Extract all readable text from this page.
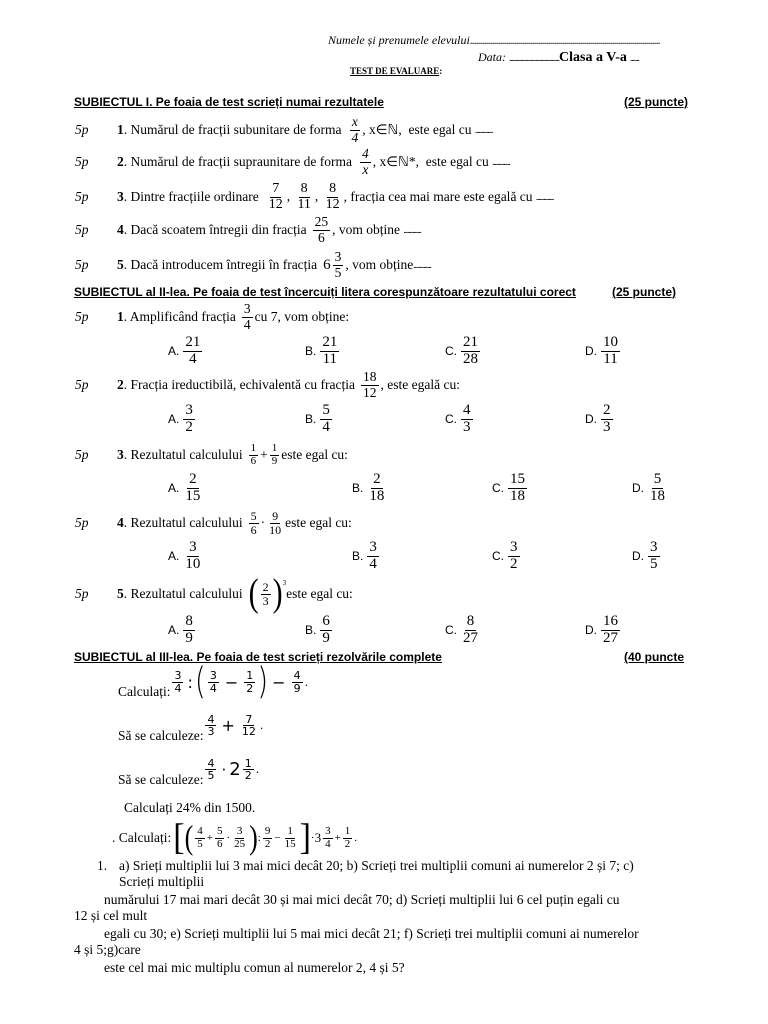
Numele și prenumele elevului...............................................................................................
Data: ........................................Clasa a V-a .......
TEST DE EVALUARE:
SUBIECTUL I. Pe foaia de test scrieți numai rezultatele	(25 puncte)
5p	1 . Numărul de fracții subunitare de forma
x
4 , x∈ℕ,
este egal cu
..............
5p	2 . Numărul de fracții supraunitare de forma
4
x , x∈ℕ*,
este egal cu
..............
5p	3 . Dintre fracțiile ordinare $\frac{7}{12}$ , $\frac{8}{11}$ , $\frac{8}{12}$ , fracția cea mai mare este egală cu
..............
5p	4 . Dacă scoatem întregii din fracția
25
6 , vom obține
..............
5p	5 . Dacă introducem întregii în fracția 6 3
5 , vom obține ..............
SUBIECTUL al II-lea. Pe foaia de test încercuiți litera corespunzătoare rezultatului corect	(25 puncte)
5p	1 . Amplificând fracția
3
4 cu 7, vom obține:
A.
21
4	B.
21
11	C.
21
28	D.
10
11
5p	2 . Fracția ireductibilă, echivalentă cu fracția
18
12 , este egală cu:
A.
3
2	B.
5
4	C.
4
3	D.
2
3
5p	3 . Rezultatul calculului 1
$6 + \frac{1}{9}$ este egal cu:
A.
2
15	B.
2
18	C.
15
18	D.
5
18
5p	4 . Rezultatul calculului 5
6 · 9
10 este egal cu:
A.
3
10	B.
3
4	C.
3
2	D.
3
5
5p	5 . Rezultatul calculului ( 2
3 )$^3$
este egal cu:
A.
8
9	B.
6
9	C.
8
27	D.
16
27
SUBIECTUL al III-lea. Pe foaia de test scrieți rezolvările complete	(40 puncte
Calculați:
3
4 : ( 3
$4 - \frac{1}{2}$ ) − $\frac{4}{9}$ .
Să se calculeze:
4
$3 + \frac{7}{12}$ .
Să se calculeze:
4
5 · 2 1
2 .
Calculați 24% din 1500.
. Calculați: [ ( 4
$5 + \frac{5}{6}$ ·
3
25 ) :
9
$2 - \frac{1}{15}$ ] · 3 3
$4 + \frac{1}{2}$ .
1. a) Srieți multiplii lui 3 mai mici decât 20; b) Scrieți trei multiplii comuni ai numerelor 2 și 7; c)
Scrieți multiplii
numărului 17 mai mari decât 30 și mai mici decât 70; d) Scrieți multiplii lui 6 cel puțin egali cu
12 și cel mult
egali cu 30; e) Scrieți multiplii lui 5 mai mici decât 21; f) Scrieți trei multiplii comuni ai numerelor
4 și 5;g)care
este cel mai mic multiplu comun al numerelor 2, 4 și 5?
